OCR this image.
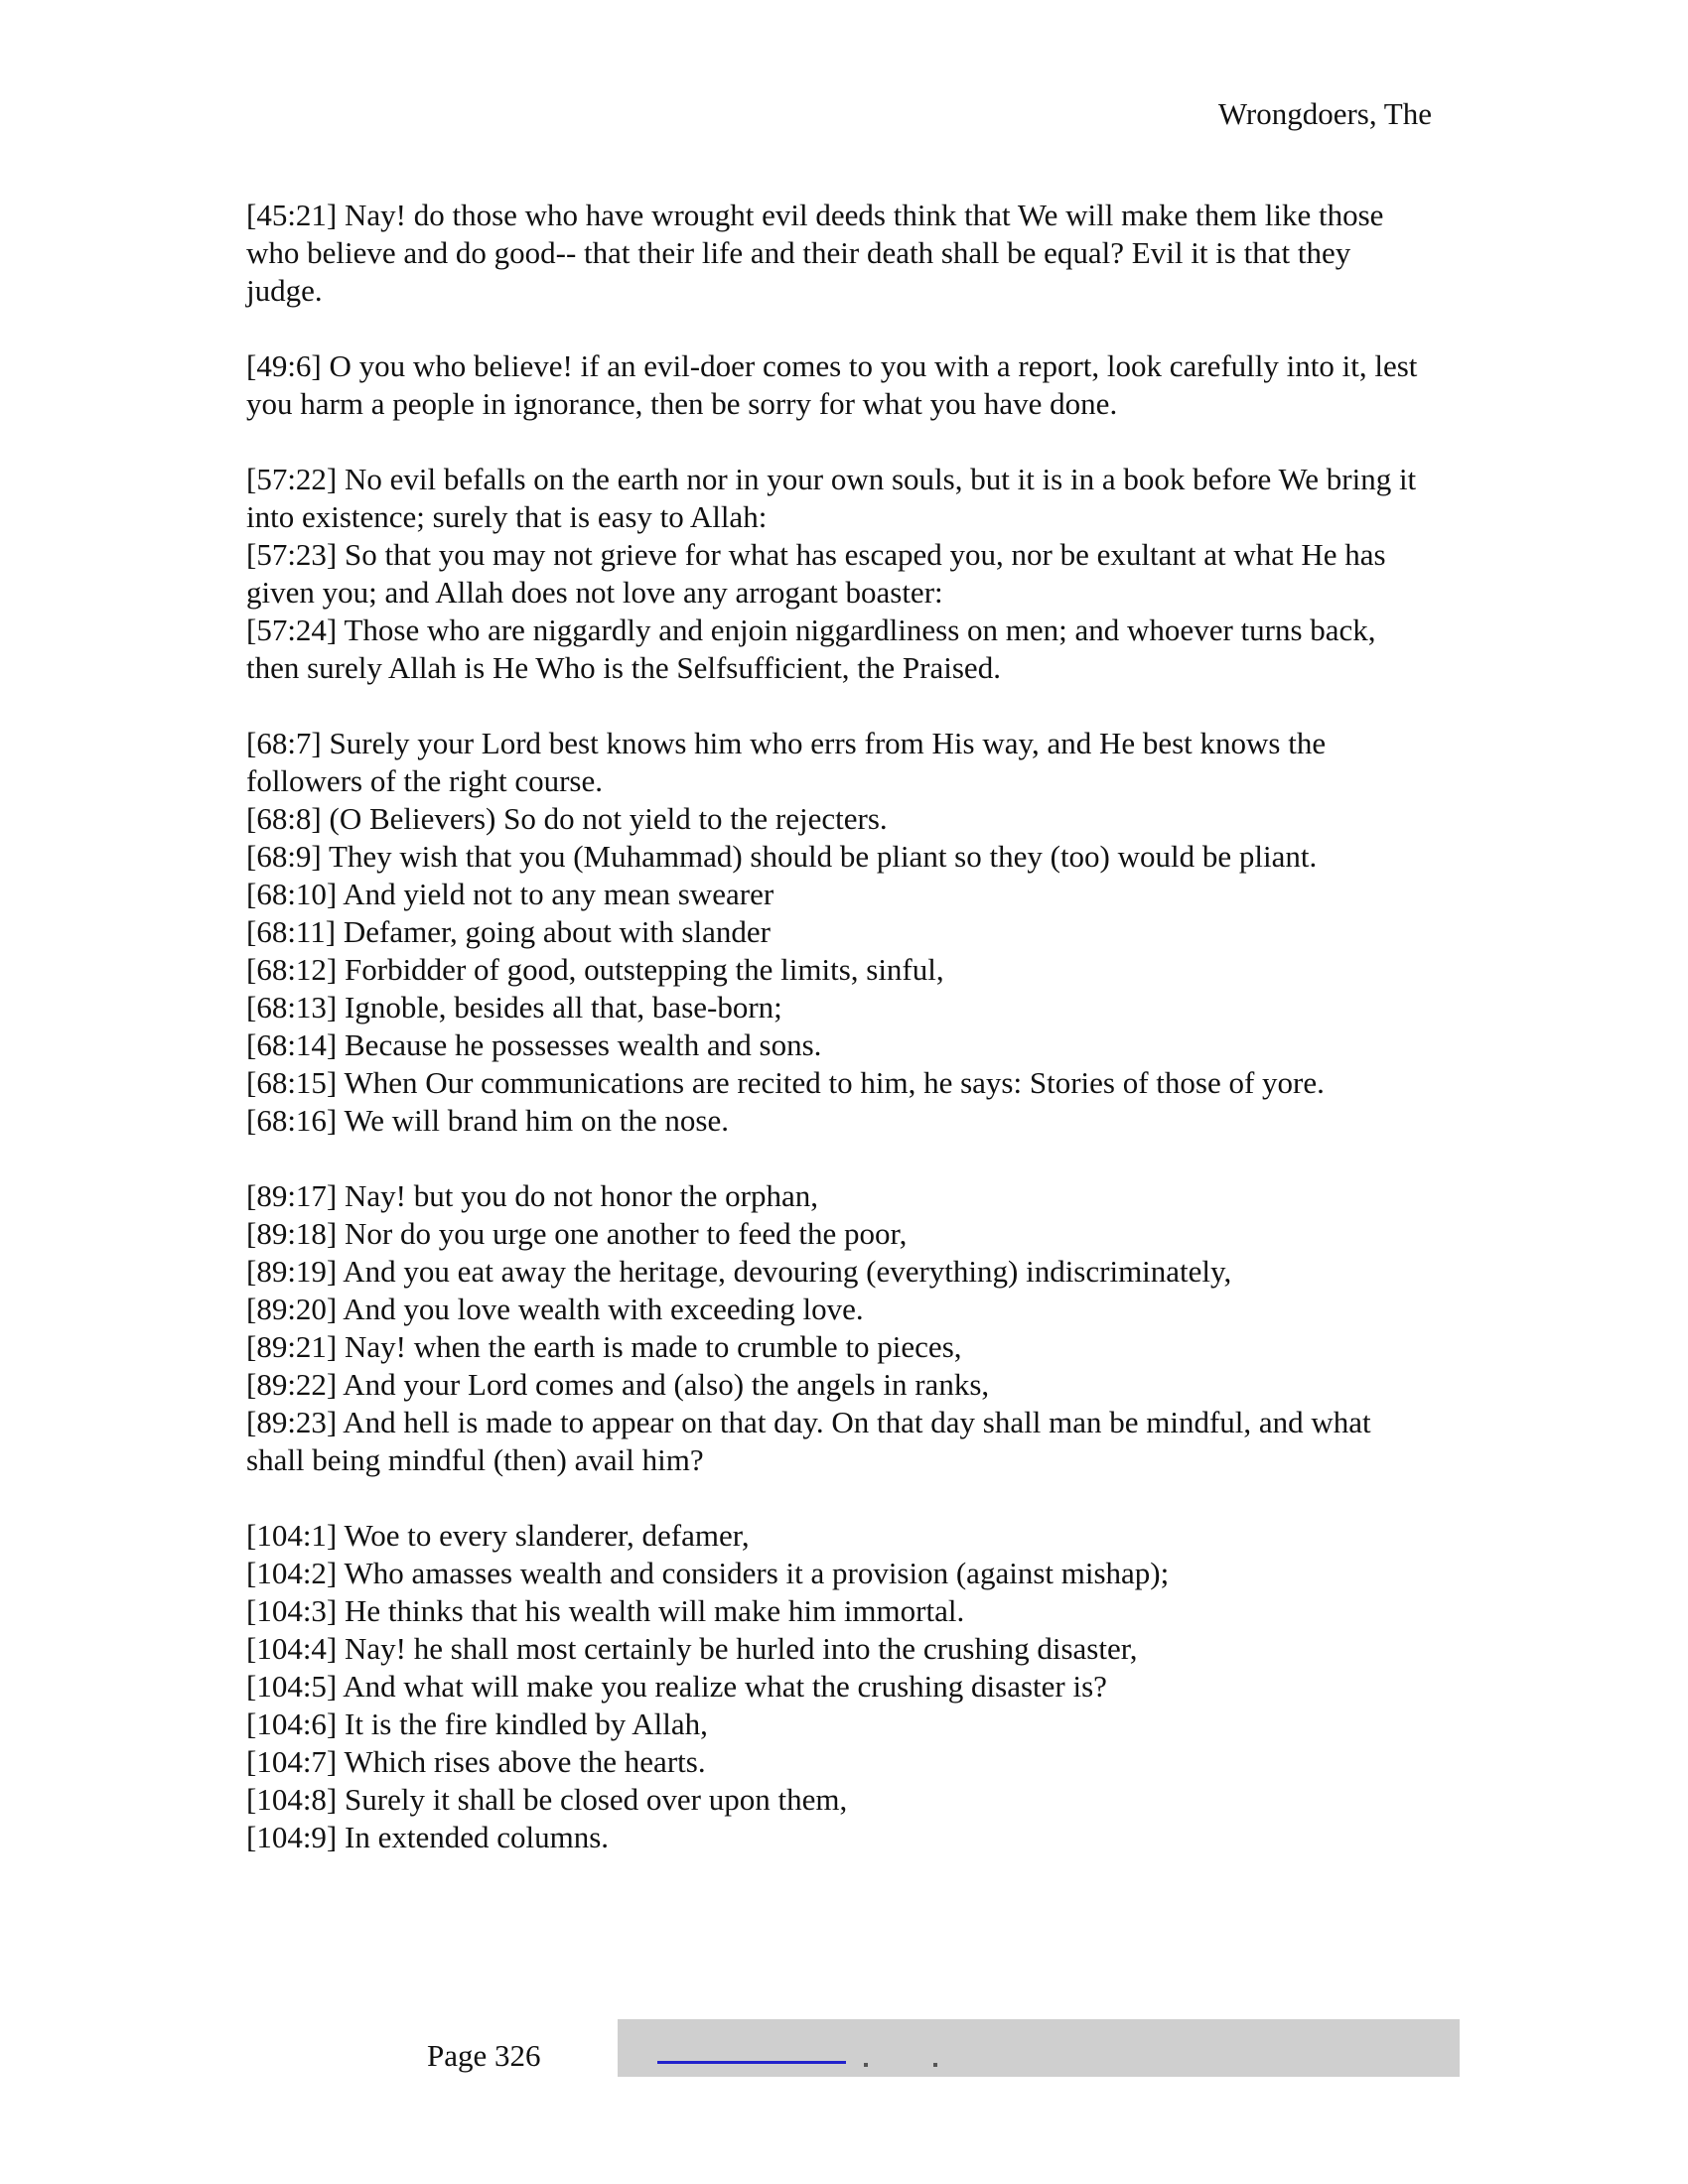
Wrongdoers, The

[45:21] Nay! do those who have wrought evil deeds think that We will make them like those who believe and do good-- that their life and their death shall be equal? Evil it is that they judge.

[49:6] O you who believe! if an evil-doer comes to you with a report, look carefully into it, lest you harm a people in ignorance, then be sorry for what you have done.

[57:22] No evil befalls on the earth nor in your own souls, but it is in a book before We bring it into existence; surely that is easy to Allah:

[57:23] So that you may not grieve for what has escaped you, nor be exultant at what He has given you; and Allah does not love any arrogant boaster:

[57:24] Those who are niggardly and enjoin niggardliness on men; and whoever turns back, then surely Allah is He Who is the Selfsufficient, the Praised.

[68:7] Surely your Lord best knows him who errs from His way, and He best knows the followers of the right course.

[68:8] (O Believers) So do not yield to the rejecters.

[68:9] They wish that you (Muhammad) should be pliant so they (too) would be pliant.

[68:10] And yield not to any mean swearer

[68:11] Defamer, going about with slander

[68:12] Forbidder of good, outstepping the limits, sinful,

[68:13] Ignoble, besides all that, base-born;

[68:14] Because he possesses wealth and sons.

[68:15] When Our communications are recited to him, he says: Stories of those of yore.

[68:16] We will brand him on the nose.

[89:17] Nay! but you do not honor the orphan,

[89:18] Nor do you urge one another to feed the poor,

[89:19] And you eat away the heritage, devouring (everything) indiscriminately,

[89:20] And you love wealth with exceeding love.

[89:21] Nay! when the earth is made to crumble to pieces,

[89:22] And your Lord comes and (also) the angels in ranks,

[89:23] And hell is made to appear on that day. On that day shall man be mindful, and what shall being mindful (then) avail him?

[104:1] Woe to every slanderer, defamer,

[104:2] Who amasses wealth and considers it a provision (against mishap);

[104:3] He thinks that his wealth will make him immortal.

[104:4] Nay! he shall most certainly be hurled into the crushing disaster,

[104:5] And what will make you realize what the crushing disaster is?

[104:6] It is the fire kindled by Allah,

[104:7] Which rises above the hearts.

[104:8] Surely it shall be closed over upon them,

[104:9] In extended columns.

Page 326
